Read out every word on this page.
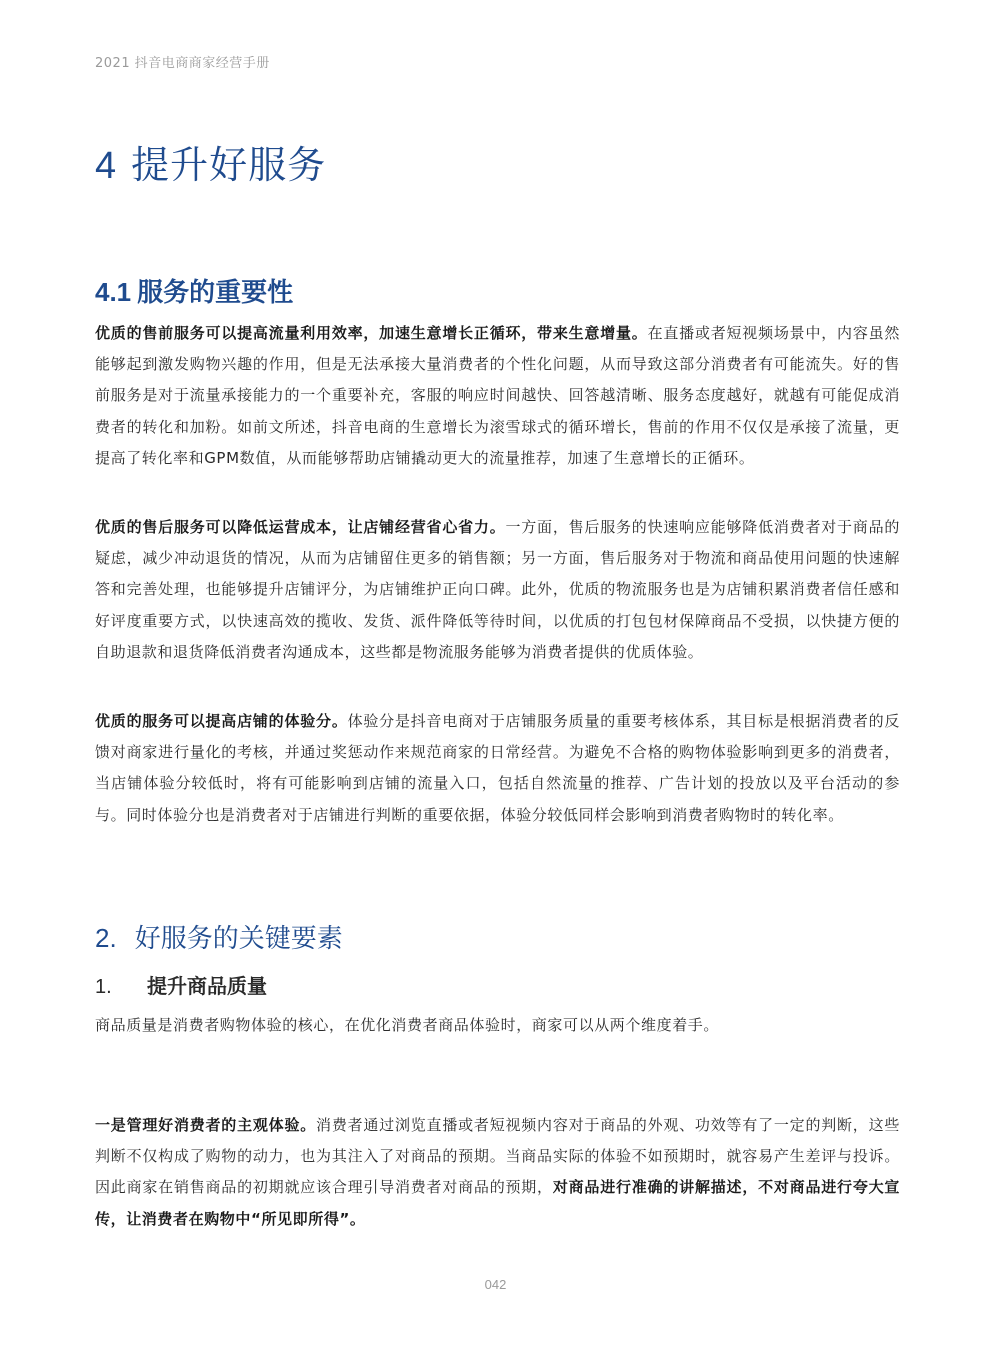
2021 抖音电商商家经营手册
4 提升好服务
4.1 服务的重要性
优质的售前服务可以提高流量利用效率，加速生意增长正循环，带来生意增量。在直播或者短视频场景中，内容虽然能够起到激发购物兴趣的作用，但是无法承接大量消费者的个性化问题，从而导致这部分消费者有可能流失。好的售前服务是对于流量承接能力的一个重要补充，客服的响应时间越快、回答越清晰、服务态度越好，就越有可能促成消费者的转化和加粉。如前文所述，抖音电商的生意增长为滚雪球式的循环增长，售前的作用不仅仅是承接了流量，更提高了转化率和GPM数值，从而能够帮助店铺撬动更大的流量推荐，加速了生意增长的正循环。
优质的售后服务可以降低运营成本，让店铺经营省心省力。一方面，售后服务的快速响应能够降低消费者对于商品的疑虑，减少冲动退货的情况，从而为店铺留住更多的销售额；另一方面，售后服务对于物流和商品使用问题的快速解答和完善处理，也能够提升店铺评分，为店铺维护正向口碑。此外，优质的物流服务也是为店铺积累消费者信任感和好评度重要方式，以快速高效的揽收、发货、派件降低等待时间，以优质的打包包材保障商品不受损，以快捷方便的自助退款和退货降低消费者沟通成本，这些都是物流服务能够为消费者提供的优质体验。
优质的服务可以提高店铺的体验分。体验分是抖音电商对于店铺服务质量的重要考核体系，其目标是根据消费者的反馈对商家进行量化的考核，并通过奖惩动作来规范商家的日常经营。为避免不合格的购物体验影响到更多的消费者，当店铺体验分较低时，将有可能影响到店铺的流量入口，包括自然流量的推荐、广告计划的投放以及平台活动的参与。同时体验分也是消费者对于店铺进行判断的重要依据，体验分较低同样会影响到消费者购物时的转化率。
2. 好服务的关键要素
1. 提升商品质量
商品质量是消费者购物体验的核心，在优化消费者商品体验时，商家可以从两个维度着手。
一是管理好消费者的主观体验。消费者通过浏览直播或者短视频内容对于商品的外观、功效等有了一定的判断，这些判断不仅构成了购物的动力，也为其注入了对商品的预期。当商品实际的体验不如预期时，就容易产生差评与投诉。因此商家在销售商品的初期就应该合理引导消费者对商品的预期，对商品进行准确的讲解描述，不对商品进行夸大宣传，让消费者在购物中“所见即所得”。
042
